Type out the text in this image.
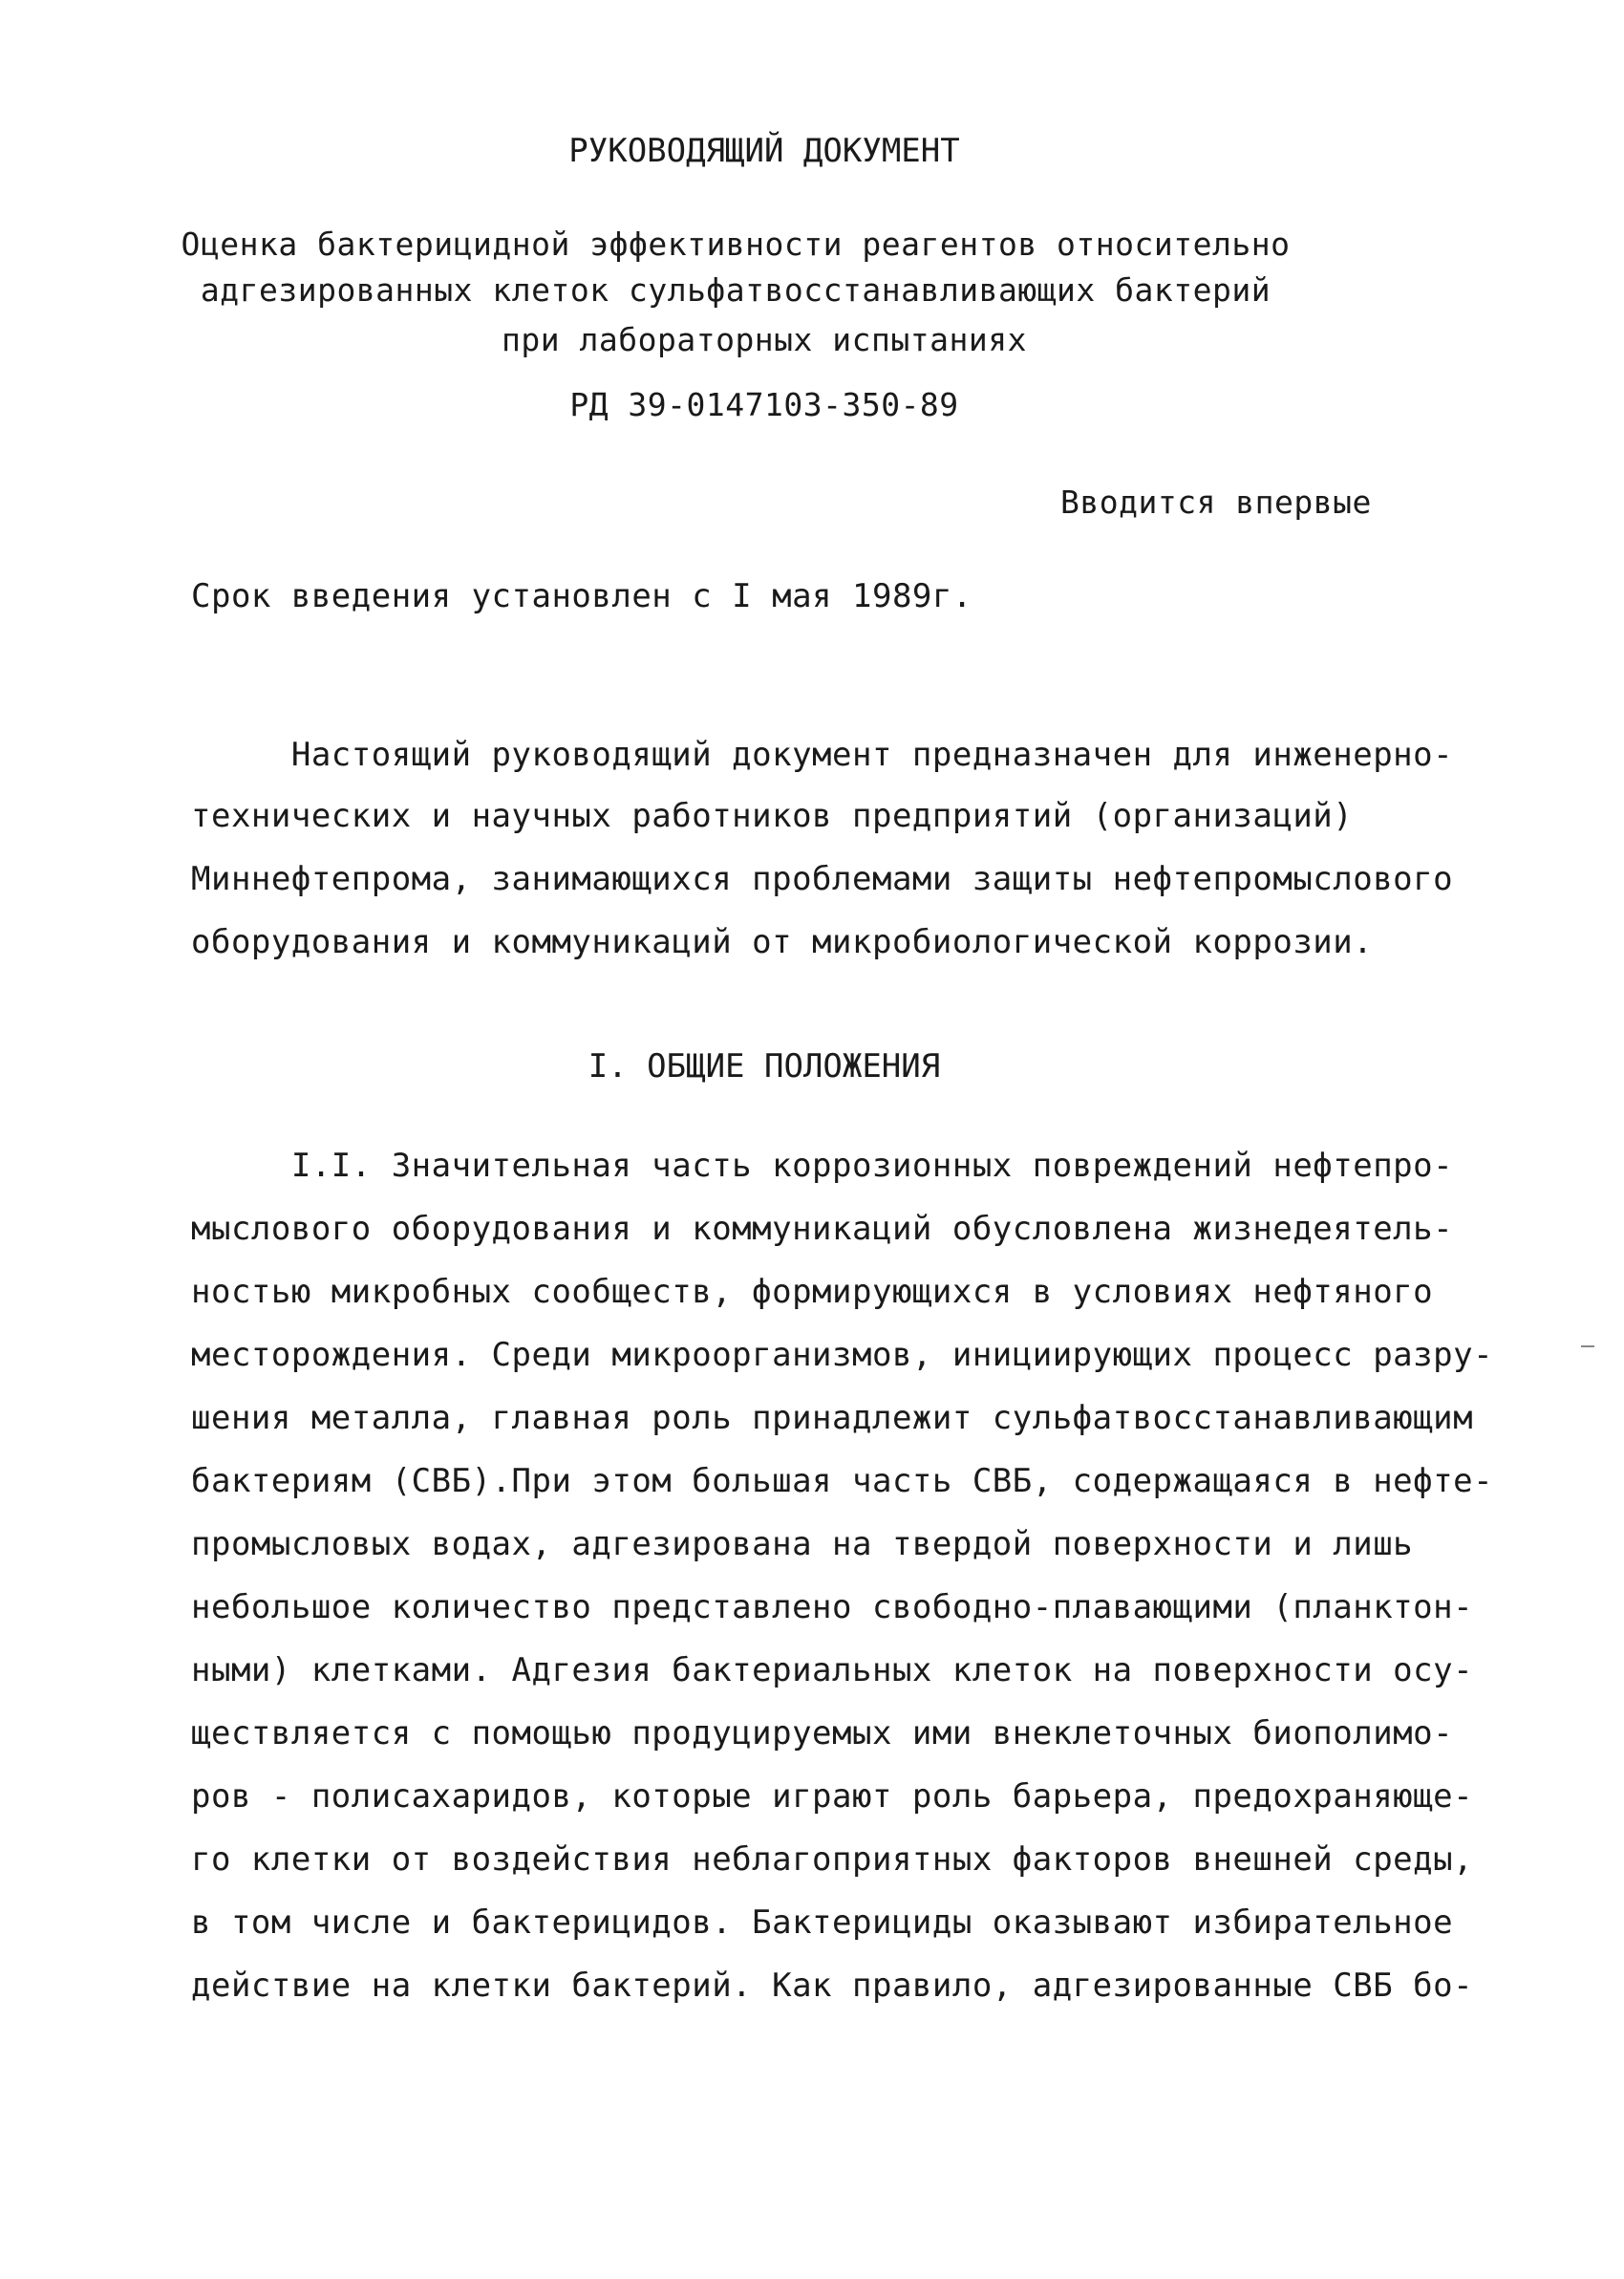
РУКОВОДЯЩИЙ ДОКУМЕНТ
Оценка бактерицидной эффективности реагентов относительно
адгезированных клеток сульфатвосстанавливающих бактерий
при лабораторных испытаниях
РД 39-0147103-350-89
Вводится впервые
Срок введения установлен с I мая 1989г.
Настоящий руководящий документ предназначен для инженерно-
технических и научных работников предприятий (организаций)
Миннефтепрома, занимающихся проблемами защиты нефтепромыслового
оборудования и коммуникаций от микробиологической коррозии.
I. ОБЩИЕ ПОЛОЖЕНИЯ
I.I. Значительная часть коррозионных повреждений нефтепро-
мыслового оборудования и коммуникаций обусловлена жизнедеятель-
ностью микробных сообществ, формирующихся в условиях нефтяного
месторождения. Среди микроорганизмов, инициирующих процесс разру-
шения металла, главная роль принадлежит сульфатвосстанавливающим
бактериям (СВБ).При этом большая часть СВБ, содержащаяся в нефте-
промысловых водах, адгезирована на твердой поверхности и лишь
небольшое количество представлено свободно-плавающими (планктон-
ными) клетками. Адгезия бактериальных клеток на поверхности осу-
ществляется с помощью продуцируемых ими внеклеточных биополимо-
ров - полисахаридов, которые играют роль барьера, предохраняюще-
го клетки от воздействия неблагоприятных факторов внешней среды,
в том числе и бактерицидов. Бактерициды оказывают избирательное
действие на клетки бактерий. Как правило, адгезированные СВБ бо-
